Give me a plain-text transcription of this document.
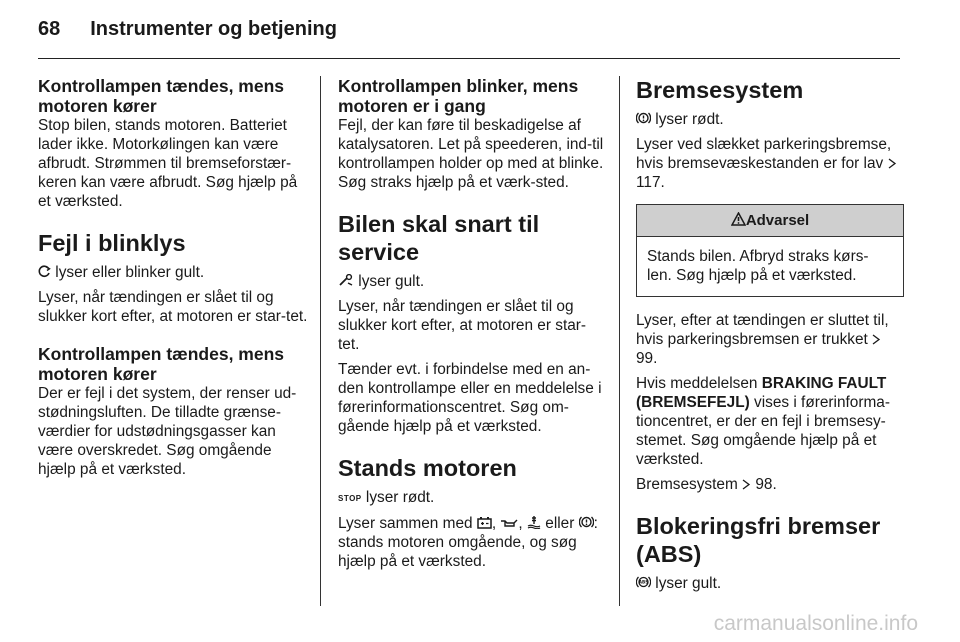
68 Instrumenter og betjening
Kontrollampen tændes, mens motoren kører

Stop bilen, stands motoren. Batteriet lader ikke. Motorkølingen kan være afbrudt. Strømmen til bremseforstær-keren kan være afbrudt. Søg hjælp på et værksted.

Fejl i blinklys

lyser eller blinker gult.

Lyser, når tændingen er slået til og slukker kort efter, at motoren er star-tet.

Kontrollampen tændes, mens motoren kører

Der er fejl i det system, der renser ud-stødningsluften. De tilladte grænse-værdier for udstødningsgasser kan være overskredet. Søg omgående hjælp på et værksted.

Kontrollampen blinker, mens motoren er i gang

Fejl, der kan føre til beskadigelse af katalysatoren. Let på speederen, ind-til kontrollampen holder op med at blinke. Søg straks hjælp på et værk-sted.

Bilen skal snart til service

lyser gult.

Lyser, når tændingen er slået til og slukker kort efter, at motoren er star-tet.

Tænder evt. i forbindelse med en an-den kontrollampe eller en meddelelse i førerinformationscentret. Søg om-gående hjælp på et værksted.

Stands motoren

STOP lyser rødt.

Lyser sammen med , ,  eller : stands motoren omgående, og søg hjælp på et værksted.

Bremsesystem

lyser rødt.

Lyser ved slækket parkeringsbremse, hvis bremsevæskestanden er for lav  117.

Advarsel
Stands bilen. Afbryd straks kørs-len. Søg hjælp på et værksted.

Lyser, efter at tændingen er sluttet til, hvis parkeringsbremsen er trukket  99.

Hvis meddelelsen BRAKING FAULT (BREMSEFEJL) vises i førerinforma-tioncentret, er der en fejl i bremsesy-stemet. Søg omgående hjælp på et værksted.

Bremsesystem 98.

Blokeringsfri bremser (ABS)

ABS lyser gult.

carmanualsonline.info
